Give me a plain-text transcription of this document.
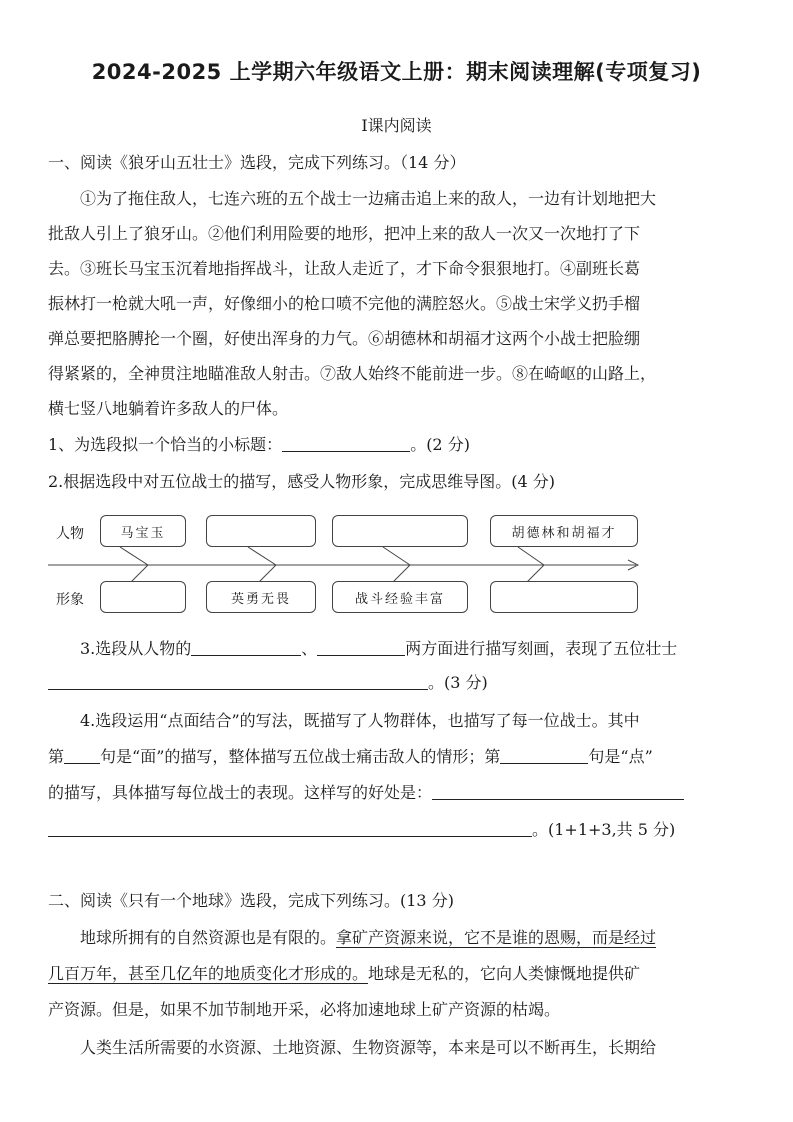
2024-2025 上学期六年级语文上册：期末阅读理解(专项复习)
Ⅰ课内阅读
一、阅读《狼牙山五壮士》选段，完成下列练习。（14 分）
①为了拖住敌人，七连六班的五个战士一边痛击追上来的敌人，一边有计划地把大
批敌人引上了狼牙山。②他们利用险要的地形，把冲上来的敌人一次又一次地打了下
去。③班长马宝玉沉着地指挥战斗，让敌人走近了，才下命令狠狠地打。④副班长葛
振林打一枪就大吼一声，好像细小的枪口喷不完他的满腔怒火。⑤战士宋学义扔手榴
弹总要把胳膊抡一个圈，好使出浑身的力气。⑥胡德林和胡福才这两个小战士把脸绷
得紧紧的，全神贯注地瞄准敌人射击。⑦敌人始终不能前进一步。⑧在崎岖的山路上，
横七竖八地躺着许多敌人的尸体。
1、为选段拟一个恰当的小标题：	。(2 分)
2.根据选段中对五位战士的描写，感受人物形象，完成思维导图。(4 分)
人物
形象
马宝玉	胡德林和胡福才
英勇无畏	战斗经验丰富
3.选段从人物的	、	两方面进行描写刻画，表现了五位壮士
。(3 分)
4.选段运用“点面结合”的写法，既描写了人物群体，也描写了每一位战士。其中
第 句是“面”的描写，整体描写五位战士痛击敌人的情形；第	句是“点”
的描写，具体描写每位战士的表现。这样写的好处是：
。(1+1+3,共 5 分)
二、阅读《只有一个地球》选段，完成下列练习。(13 分)
地球所拥有的自然资源也是有限的。拿矿产资源来说，它不是谁的恩赐，而是经过
几百万年，甚至几亿年的地质变化才形成的。地球是无私的，它向人类慷慨地提供矿
产资源。但是，如果不加节制地开采，必将加速地球上矿产资源的枯竭。
人类生活所需要的水资源、土地资源、生物资源等，本来是可以不断再生，长期给
